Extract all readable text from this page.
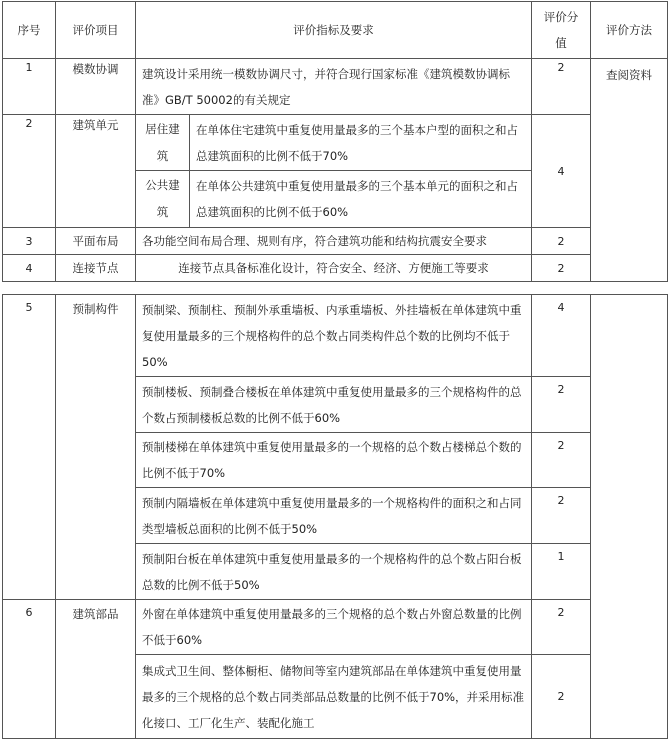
序号	评价项目	评价指标及要求		评价分值	评价方法
1	模数协调	建筑设计采用统一模数协调尺寸，并符合现行国家标准《建筑模数协调标准》GB/T 50002的有关规定		2	查阅资料
2	建筑单元	居住建筑	在单体住宅建筑中重复使用量最多的三个基本户型的面积之和占总建筑面积的比例不低于70%	4	
		公共建筑	在单体公共建筑中重复使用量最多的三个基本单元的面积之和占总建筑面积的比例不低于60%		
3	平面布局	各功能空间布局合理、规则有序，符合建筑功能和结构抗震安全要求		2	
4	连接节点	连接节点具备标准化设计，符合安全、经济、方便施工等要求		2	
5	预制构件	预制梁、预制柱、预制外承重墙板、内承重墙板、外挂墙板在单体建筑中重复使用量最多的三个规格构件的总个数占同类构件总个数的比例均不低于50%	4	
		预制楼板、预制叠合楼板在单体建筑中重复使用量最多的三个规格构件的总个数占预制楼板总数的比例不低于60%	2	
		预制楼梯在单体建筑中重复使用量最多的一个规格的总个数占楼梯总个数的比例不低于70%	2	
		预制内隔墙板在单体建筑中重复使用量最多的一个规格构件的面积之和占同类型墙板总面积的比例不低于50%	2	
		预制阳台板在单体建筑中重复使用量最多的一个规格构件的总个数占阳台板总数的比例不低于50%	1	
6	建筑部品	外窗在单体建筑中重复使用量最多的三个规格的总个数占外窗总数量的比例不低于60%	2	
		集成式卫生间、整体橱柜、储物间等室内建筑部品在单体建筑中重复使用量最多的三个规格的总个数占同类部品总数量的比例不低于70%，并采用标准化接口、工厂化生产、装配化施工	2	
